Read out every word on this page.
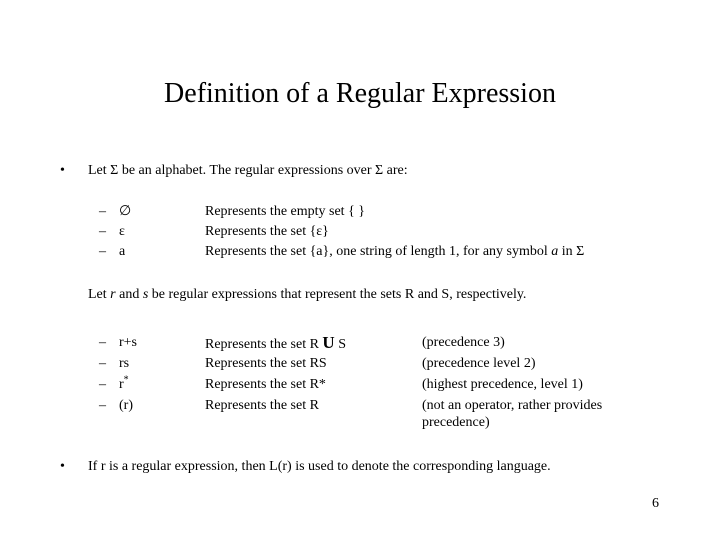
Definition of a Regular Expression
• Let Σ be an alphabet. The regular expressions over Σ are:
– ∅	Represents the empty set { }
– ε	Represents the set {ε}
– a	Represents the set {a}, one string of length 1, for any symbol a in Σ
Let r and s be regular expressions that represent the sets R and S, respectively.
– r+s	Represents the set R U S	(precedence 3)
– rs	Represents the set RS	(precedence level 2)
– r*	Represents the set R*	(highest precedence, level 1)
– (r)	Represents the set R	(not an operator, rather provides
precedence)
• If r is a regular expression, then L(r) is used to denote the corresponding language.
6
